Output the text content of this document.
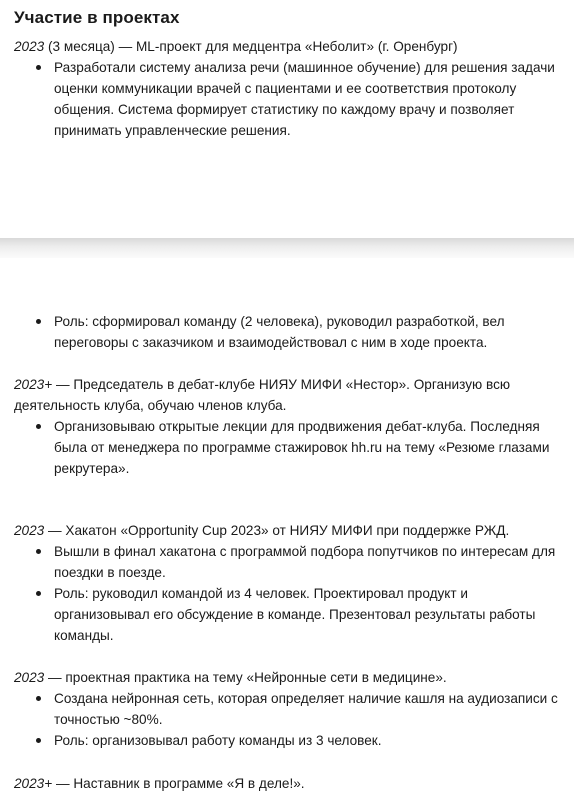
Участие в проектах
2023 (3 месяца) — ML-проект для медцентра «Неболит» (г. Оренбург)
Разработали систему анализа речи (машинное обучение) для решения задачи оценки коммуникации врачей с пациентами и ее соответствия протоколу общения. Система формирует статистику по каждому врачу и позволяет принимать управленческие решения.
Роль: сформировал команду (2 человека), руководил разработкой, вел переговоры с заказчиком и взаимодействовал с ним в ходе проекта.
2023+ — Председатель в дебат-клубе НИЯУ МИФИ «Нестор». Организую всю деятельность клуба, обучаю членов клуба.
Организовываю открытые лекции для продвижения дебат-клуба. Последняя была от менеджера по программе стажировок hh.ru на тему «Резюме глазами рекрутера».
2023 — Хакатон «Opportunity Cup 2023» от НИЯУ МИФИ при поддержке РЖД.
Вышли в финал хакатона с программой подбора попутчиков по интересам для поездки в поезде.
Роль: руководил командой из 4 человек. Проектировал продукт и организовывал его обсуждение в команде. Презентовал результаты работы команды.
2023 — проектная практика на тему «Нейронные сети в медицине».
Создана нейронная сеть, которая определяет наличие кашля на аудиозаписи с точностью ~80%.
Роль: организовывал работу команды из 3 человек.
2023+ — Наставник в программе «Я в деле!».
